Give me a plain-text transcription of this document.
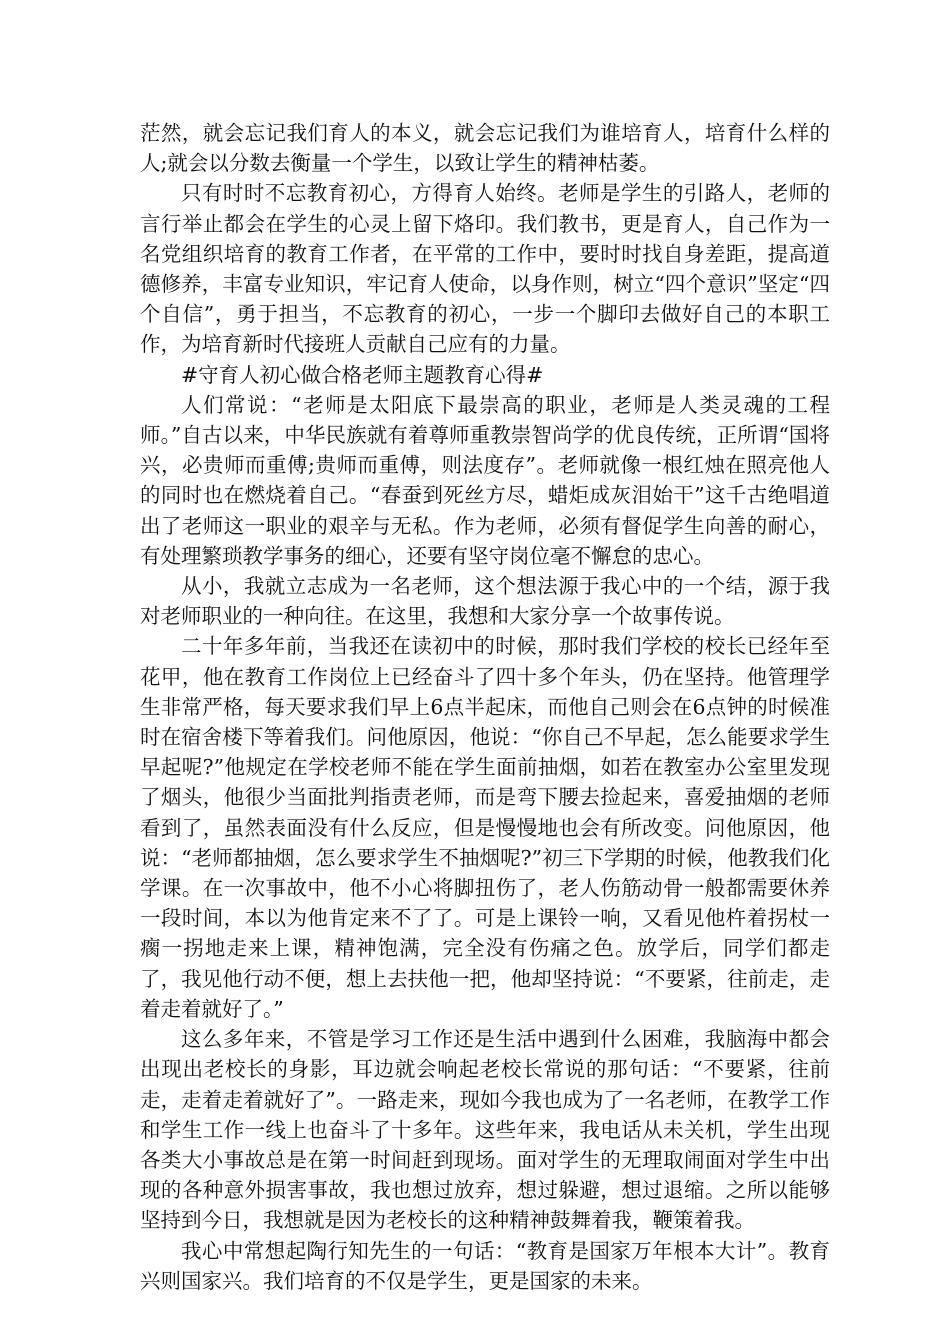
茫然，就会忘记我们育人的本义，就会忘记我们为谁培育人，培育什么样的人;就会以分数去衡量一个学生，以致让学生的精神枯萎。

只有时时不忘教育初心，方得育人始终。老师是学生的引路人，老师的言行举止都会在学生的心灵上留下烙印。我们教书，更是育人，自己作为一名党组织培育的教育工作者，在平常的工作中，要时时找自身差距，提高道德修养，丰富专业知识，牢记育人使命，以身作则，树立“四个意识”坚定“四个自信”，勇于担当，不忘教育的初心，一步一个脚印去做好自己的本职工作，为培育新时代接班人贡献自己应有的力量。

#守育人初心做合格老师主题教育心得#

人们常说：“老师是太阳底下最崇高的职业，老师是人类灵魂的工程师。”自古以来，中华民族就有着尊师重教崇智尚学的优良传统，正所谓“国将兴，必贵师而重傅;贵师而重傅，则法度存”。老师就像一根红烛在照亮他人的同时也在燃烧着自己。“春蚕到死丝方尽，蜡炬成灰泪始干”这千古绝唱道出了老师这一职业的艰辛与无私。作为老师，必须有督促学生向善的耐心，有处理繁琐教学事务的细心，还要有坚守岗位毫不懈怠的忠心。

从小，我就立志成为一名老师，这个想法源于我心中的一个结，源于我对老师职业的一种向往。在这里，我想和大家分享一个故事传说。

二十年多年前，当我还在读初中的时候，那时我们学校的校长已经年至花甲，他在教育工作岗位上已经奋斗了四十多个年头，仍在坚持。他管理学生非常严格，每天要求我们早上6点半起床，而他自己则会在6点钟的时候准时在宿舍楼下等着我们。问他原因，他说：“你自己不早起，怎么能要求学生早起呢?”他规定在学校老师不能在学生面前抽烟，如若在教室办公室里发现了烟头，他很少当面批判指责老师，而是弯下腰去捡起来，喜爱抽烟的老师看到了，虽然表面没有什么反应，但是慢慢地也会有所改变。问他原因，他说：“老师都抽烟，怎么要求学生不抽烟呢?”初三下学期的时候，他教我们化学课。在一次事故中，他不小心将脚扭伤了，老人伤筋动骨一般都需要休养一段时间，本以为他肯定来不了了。可是上课铃一响，又看见他杵着拐杖一瘸一拐地走来上课，精神饱满，完全没有伤痛之色。放学后，同学们都走了，我见他行动不便，想上去扶他一把，他却坚持说：“不要紧，往前走，走着走着就好了。”

这么多年来，不管是学习工作还是生活中遇到什么困难，我脑海中都会出现出老校长的身影，耳边就会响起老校长常说的那句话：“不要紧，往前走，走着走着就好了”。一路走来，现如今我也成为了一名老师，在教学工作和学生工作一线上也奋斗了十多年。这些年来，我电话从未关机，学生出现各类大小事故总是在第一时间赶到现场。面对学生的无理取闹面对学生中出现的各种意外损害事故，我也想过放弃，想过躲避，想过退缩。之所以能够坚持到今日，我想就是因为老校长的这种精神鼓舞着我，鞭策着我。

我心中常想起陶行知先生的一句话：“教育是国家万年根本大计”。教育兴则国家兴。我们培育的不仅是学生，更是国家的未来。
